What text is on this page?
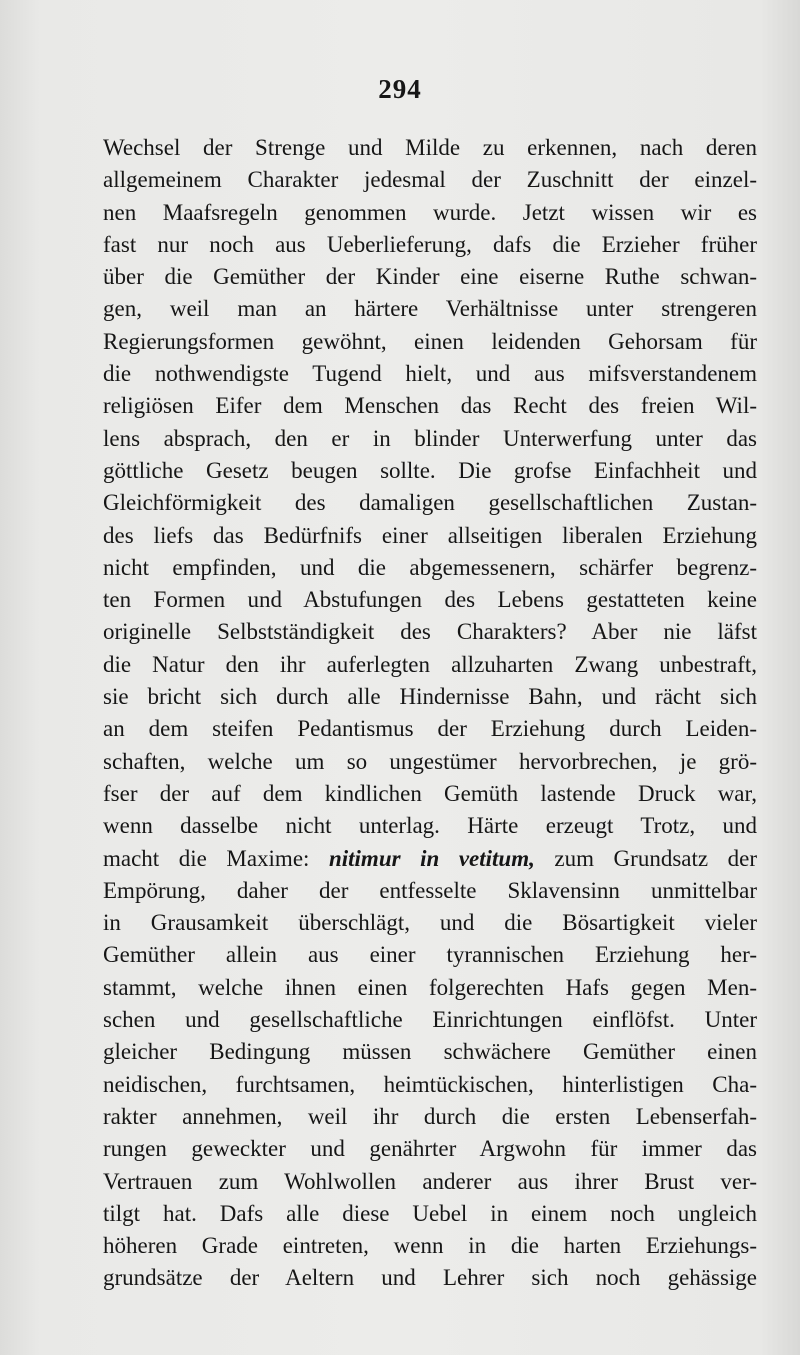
294
Wechsel der Strenge und Milde zu erkennen, nach deren
allgemeinem Charakter jedesmal der Zuschnitt der einzel-
nen Maafsregeln genommen wurde. Jetzt wissen wir es
fast nur noch aus Ueberlieferung, dafs die Erzieher früher
über die Gemüther der Kinder eine eiserne Ruthe schwan-
gen, weil man an härtere Verhältnisse unter strengeren
Regierungsformen gewöhnt, einen leidenden Gehorsam für
die nothwendigste Tugend hielt, und aus mifsverstandenem
religiösen Eifer dem Menschen das Recht des freien Wil-
lens absprach, den er in blinder Unterwerfung unter das
göttliche Gesetz beugen sollte. Die grofse Einfachheit und
Gleichförmigkeit des damaligen gesellschaftlichen Zustan-
des liefs das Bedürfnifs einer allseitigen liberalen Erziehung
nicht empfinden, und die abgemessenern, schärfer begrenz-
ten Formen und Abstufungen des Lebens gestatteten keine
originelle Selbstständigkeit des Charakters? Aber nie läfst
die Natur den ihr auferlegten allzuharten Zwang unbestraft,
sie bricht sich durch alle Hindernisse Bahn, und rächt sich
an dem steifen Pedantismus der Erziehung durch Leiden-
schaften, welche um so ungestümer hervorbrechen, je grö-
fser der auf dem kindlichen Gemüth lastende Druck war,
wenn dasselbe nicht unterlag. Härte erzeugt Trotz, und
macht die Maxime: nitimur in vetitum, zum Grundsatz der
Empörung, daher der entfesselte Sklavensinn unmittelbar
in Grausamkeit überschlägt, und die Bösartigkeit vieler
Gemüther allein aus einer tyrannischen Erziehung her-
stammt, welche ihnen einen folgerechten Hafs gegen Men-
schen und gesellschaftliche Einrichtungen einflöfst. Unter
gleicher Bedingung müssen schwächere Gemüther einen
neidischen, furchtsamen, heimtückischen, hinterlistigen Cha-
rakter annehmen, weil ihr durch die ersten Lebenserfah-
rungen geweckter und genährter Argwohn für immer das
Vertrauen zum Wohlwollen anderer aus ihrer Brust ver-
tilgt hat. Dafs alle diese Uebel in einem noch ungleich
höheren Grade eintreten, wenn in die harten Erziehungs-
grundsätze der Aeltern und Lehrer sich noch gehässige
